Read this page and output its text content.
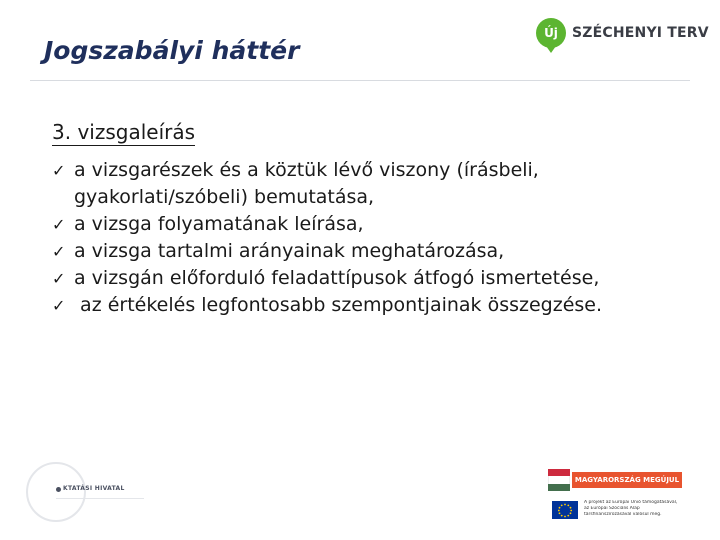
Jogszabályi háttér
Új	SZÉCHENYI TERV
3. vizsgaleírás
✓ a vizsgarészek és a köztük lévő viszony (írásbeli, gyakorlati/szóbeli) bemutatása,
✓ a vizsga folyamatának leírása,
✓ a vizsga tartalmi arányainak meghatározása,
✓ a vizsgán előforduló feladattípusok átfogó ismertetése,
✓ az értékelés legfontosabb szempontjainak összegzése.
KTATÁSI HIVATAL
MAGYARORSZÁG MEGÚJUL
A projekt az Európai Unió támogatásával,
az Európai Szociális Alap
társfinanszírozásával valósul meg.
